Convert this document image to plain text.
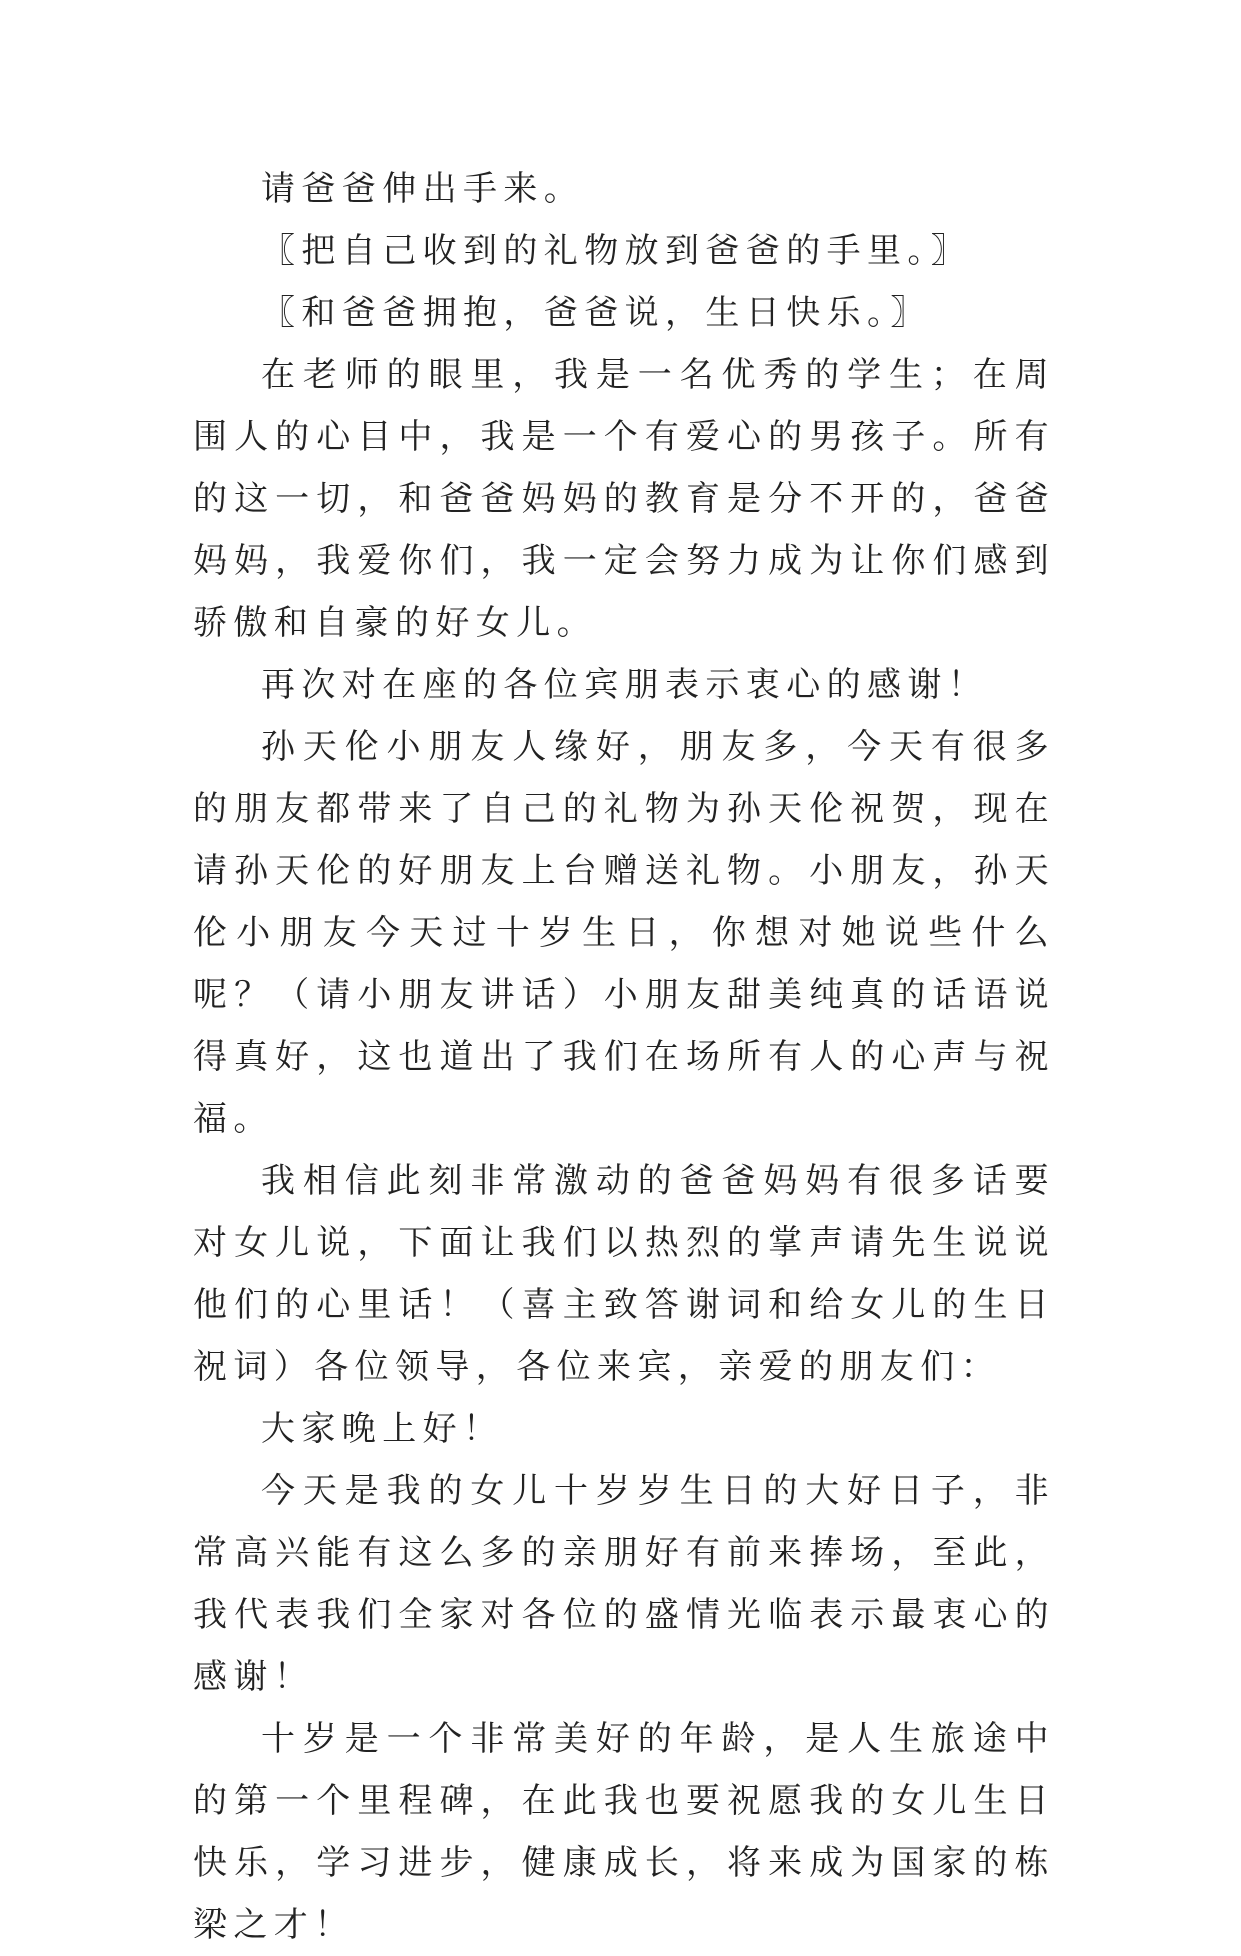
请爸爸伸出手来。

〖把自己收到的礼物放到爸爸的手里。〗

〖和爸爸拥抱，爸爸说，生日快乐。〗

在老师的眼里，我是一名优秀的学生；在周围人的心目中，我是一个有爱心的男孩子。所有的这一切，和爸爸妈妈的教育是分不开的，爸爸妈妈，我爱你们，我一定会努力成为让你们感到骄傲和自豪的好女儿。

再次对在座的各位宾朋表示衷心的感谢！

孙天伦小朋友人缘好，朋友多，今天有很多的朋友都带来了自己的礼物为孙天伦祝贺，现在请孙天伦的好朋友上台赠送礼物。小朋友，孙天伦小朋友今天过十岁生日，你想对她说些什么呢？（请小朋友讲话）小朋友甜美纯真的话语说得真好，这也道出了我们在场所有人的心声与祝福。

我相信此刻非常激动的爸爸妈妈有很多话要对女儿说，下面让我们以热烈的掌声请先生说说他们的心里话！（喜主致答谢词和给女儿的生日祝词）各位领导，各位来宾，亲爱的朋友们：

大家晚上好！

今天是我的女儿十岁岁生日的大好日子，非常高兴能有这么多的亲朋好有前来捧场，至此，我代表我们全家对各位的盛情光临表示最衷心的感谢！

十岁是一个非常美好的年龄，是人生旅途中的第一个里程碑，在此我也要祝愿我的女儿生日快乐，学习进步，健康成长，将来成为国家的栋梁之才！
